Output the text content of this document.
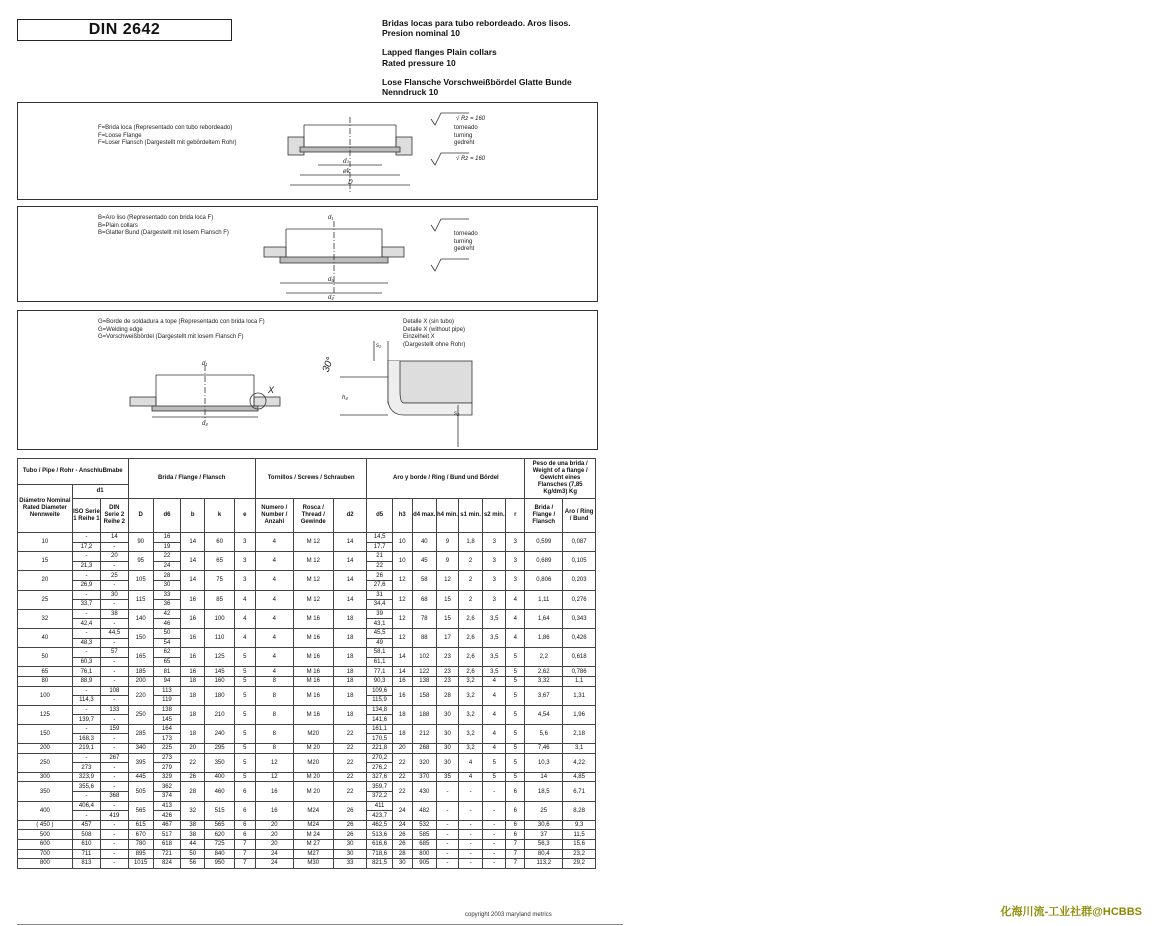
DIN 2642	Bridas locas para tubo rebordeado. Aros lisos.
Presion nominal 10

Lapped flanges Plain collars
Rated pressure 10

Lose Flansche Vorschweißbördel Glatte Bunde
Nenndruck 10

F=Brida loca (Representado con tubo rebordeado)
F=Loose Flange
F=Loser Flansch (Dargestellt mit gebördeltem Rohr)
d₁
øk
D
√ Rz = 160
√ Rz = 160
torneado
turning
gedreht
B=Aro liso (Representado con brida loca F)
B=Plain collars
B=Glatter Bund (Dargestellt mit losem Flansch F)
d₁
d₅
d₄
torneado
turning
gedreht
G=Borde de soldadura a tope (Representado con brida loca F)
G=Welding edge
G=Vorschweißbördel (Dargestellt mit losem Flansch F)
X
30°
d₁
d₄
h₄
s₂
s₁
Detalle X (sin tubo)
Detalle X (without pipe)
Einzelheit X
(Dargestellt ohne Rohr)
Tubo / Pipe / Rohr - AnschluBmabe			Brida / Flange / Flansch					Tornillos / Screws / Schrauben			Aro y borde / Ring / Bund und Bördel							Peso de una brida / Weight of a flange / Gewicht eines Flansches (7,85 Kg/dm3) Kg	
Diámetro Nominal Rated Diameter Nennweite	d1																		
	ISO Serie 1 Reihe 1	DIN Serie 2 Reihe 2	D	d6	b	k	e	Numero / Number / Anzahl	Rosca / Thread / Gewinde	d2	d5	h3	d4 max.	h4 min.	s1 min.	s2 min.	r	Brida / Flange / Flansch	Aro / Ring / Bund
10	-	14	90	16	14	60	3	4	M 12	14	14,5	10	40	9	1,8	3	3	0,599	0,087
	17,2	-		19							17,7								
15	-	20	95	22	14	65	3	4	M 12	14	21	10	45	9	2	3	3	0,689	0,105
	21,3	-		24							22								
20	-	25	105	28	14	75	3	4	M 12	14	26	12	58	12	2	3	3	0,806	0,203
	26,9	-		30							27,6								
25	-	30	115	33	16	85	4	4	M 12	14	31	12	68	15	2	3	4	1,11	0,276
	33,7	-		36							34,4								
32	-	38	140	42	16	100	4	4	M 16	18	39	12	78	15	2,6	3,5	4	1,64	0,343
	42,4	-		46							43,1								
40	-	44,5	150	50	16	110	4	4	M 16	18	45,5	12	88	17	2,6	3,5	4	1,86	0,426
	48,3	-		54							49								
50	-	57	165	62	16	125	5	4	M 16	18	58,1	14	102	23	2,6	3,5	5	2,2	0,618
	60,3	-		65							61,1								
65	76,1	-	185	81	16	145	5	4	M 16	18	77,1	14	122	23	2,6	3,5	5	2,62	0,786
80	88,9	-	200	94	18	160	5	8	M 16	18	90,3	16	138	23	3,2	4	5	3,32	1,1
100	-	108	220	113	18	180	5	8	M 16	18	109,6	16	158	28	3,2	4	5	3,67	1,31
	114,3	-		119							115,9								
125	-	133	250	138	18	210	5	8	M 16	18	134,8	18	188	30	3,2	4	5	4,54	1,96
	139,7	-		145							141,6								
150	-	159	285	164	18	240	5	8	M20	22	161,1	18	212	30	3,2	4	5	5,6	2,18
	168,3	-		173							170,5								
200	219,1	-	340	225	20	295	5	8	M 20	22	221,8	20	268	30	3,2	4	5	7,46	3,1
250	-	267	395	273	22	350	5	12	M20	22	270,2	22	320	30	4	5	5	10,3	4,22
	273	-		279							276,2								
300	323,9	-	445	329	26	400	5	12	M 20	22	327,6	22	370	35	4	5	5	14	4,85
350	355,6	-	505	362	28	460	6	16	M 20	22	359,7	22	430	-	-	-	6	18,5	6,71
	-	368		374							372,2								
400	406,4	-	565	413	32	515	6	16	M24	26	411	24	482	-	-	-	6	25	8,28
	-	419		426							423,7								
( 450 )	457	-	615	467	38	565	6	20	M24	26	462,5	24	532	-	-	-	6	30,6	9,3
500	508	-	670	517	38	620	6	20	M 24	26	513,6	26	585	-	-	-	6	37	11,5
600	610	-	780	618	44	725	7	20	M 27	30	616,6	26	685	-	-	-	7	56,3	15,6
700	711	-	895	721	50	840	7	24	M27	30	718,6	28	800	-	-	-	7	80,4	23,2
800	813	-	1015	824	56	950	7	24	M30	33	821,5	30	905	-	-	-	7	113,2	29,2
copyright 2003 maryland metrics	化海川流-工业社群@HCBBS
